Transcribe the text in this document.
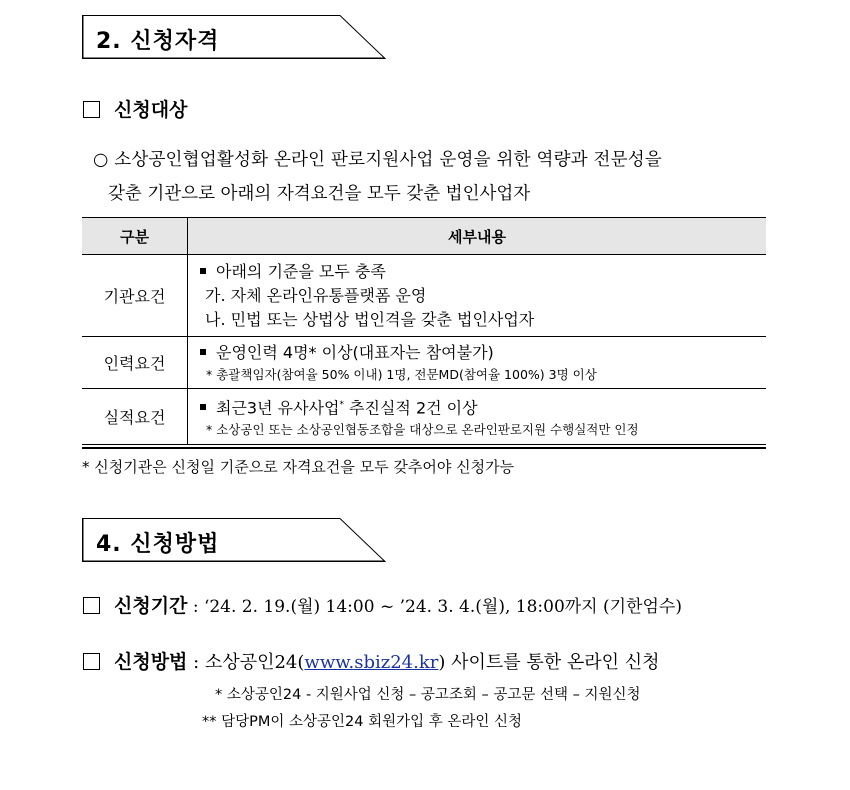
2. 신청자격
신청대상
○ 소상공인협업활성화 온라인 판로지원사업 운영을 위한 역량과 전문성을
갖춘 기관으로 아래의 자격요건을 모두 갖춘 법인사업자
구분	세부내용
기관요건	아래의 기준을 모두 충족
가. 자체 온라인유통플랫폼 운영
나. 민법 또는 상법상 법인격을 갖춘 법인사업자

인력요건	운영인력 4명* 이상(대표자는 참여불가)
* 총괄책임자(참여율 50% 이내) 1명, 전문MD(참여율 100%) 3명 이상

실적요건	최근3년 유사사업* 추진실적 2건 이상
* 소상공인 또는 소상공인협동조합을 대상으로 온라인판로지원 수행실적만 인정
* 신청기관은 신청일 기준으로 자격요건을 모두 갖추어야 신청가능
4. 신청방법
신청기간 : ‘24. 2. 19.(월) 14:00 ~ ’24. 3. 4.(월), 18:00까지 (기한엄수)
신청방법 : 소상공인24(www.sbiz24.kr) 사이트를 통한 온라인 신청
* 소상공인24 - 지원사업 신청 – 공고조회 – 공고문 선택 – 지원신청
** 담당PM이 소상공인24 회원가입 후 온라인 신청
